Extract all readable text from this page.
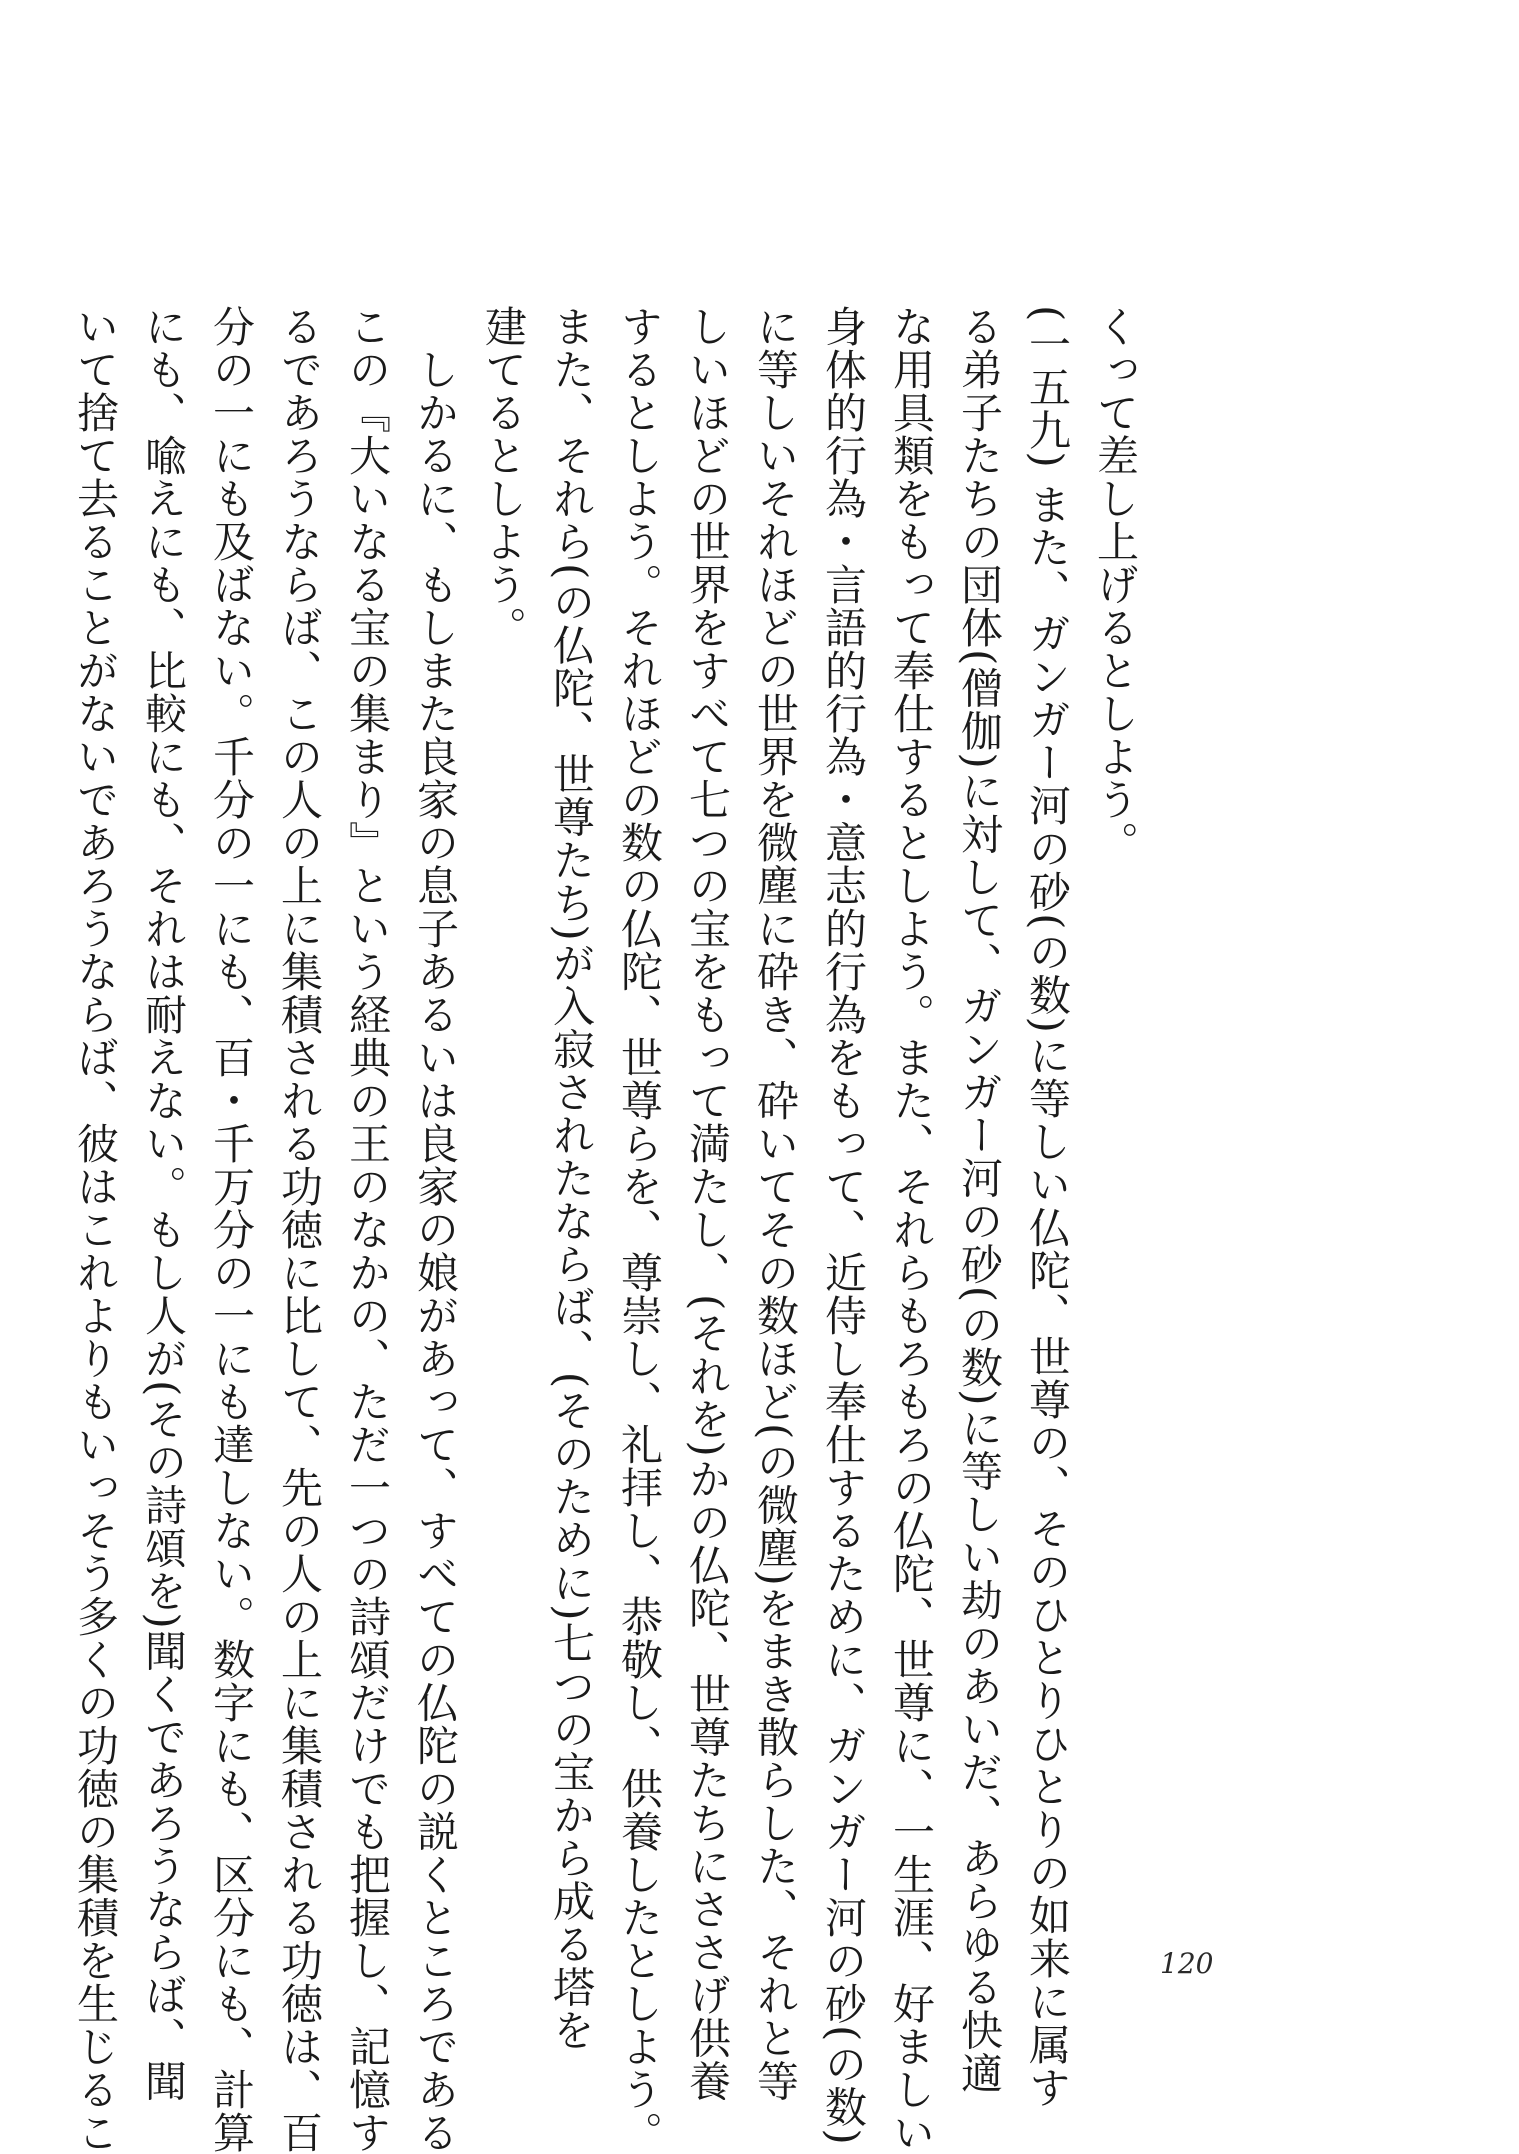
くって差し上げるとしよう。

(一五九) また、ガンガー河の砂(の数)に等しい仏陀、世尊の、そのひとりひとりの如来に属す

る弟子たちの団体(僧伽)に対して、ガンガー河の砂(の数)に等しい劫のあいだ、あらゆる快適

な用具類をもって奉仕するとしよう。また、それらもろもろの仏陀、世尊に、一生涯、好ましい

身体的行為・言語的行為・意志的行為をもって、近侍し奉仕するために、ガンガー河の砂(の数)

に等しいそれほどの世界を微塵に砕き、砕いてその数ほど(の微塵)をまき散らした、それと等

しいほどの世界をすべて七つの宝をもって満たし、(それを)かの仏陀、世尊たちにささげ供養

するとしよう。それほどの数の仏陀、世尊らを、尊崇し、礼拝し、恭敬し、供養したとしよう。

また、それら(の仏陀、世尊たち)が入寂されたならば、(そのために)七つの宝から成る塔を

建てるとしよう。

　しかるに、もしまた良家の息子あるいは良家の娘があって、すべての仏陀の説くところである

この『大いなる宝の集まり』という経典の王のなかの、ただ一つの詩頌だけでも把握し、記憶す

るであろうならば、この人の上に集積される功徳に比して、先の人の上に集積される功徳は、百

分の一にも及ばない。千分の一にも、百・千万分の一にも達しない。数字にも、区分にも、計算

にも、喩えにも、比較にも、それは耐えない。もし人が(その詩頌を)聞くであろうならば、聞

いて捨て去ることがないであろうならば、彼はこれよりもいっそう多くの功徳の集積を生じるこ	120
